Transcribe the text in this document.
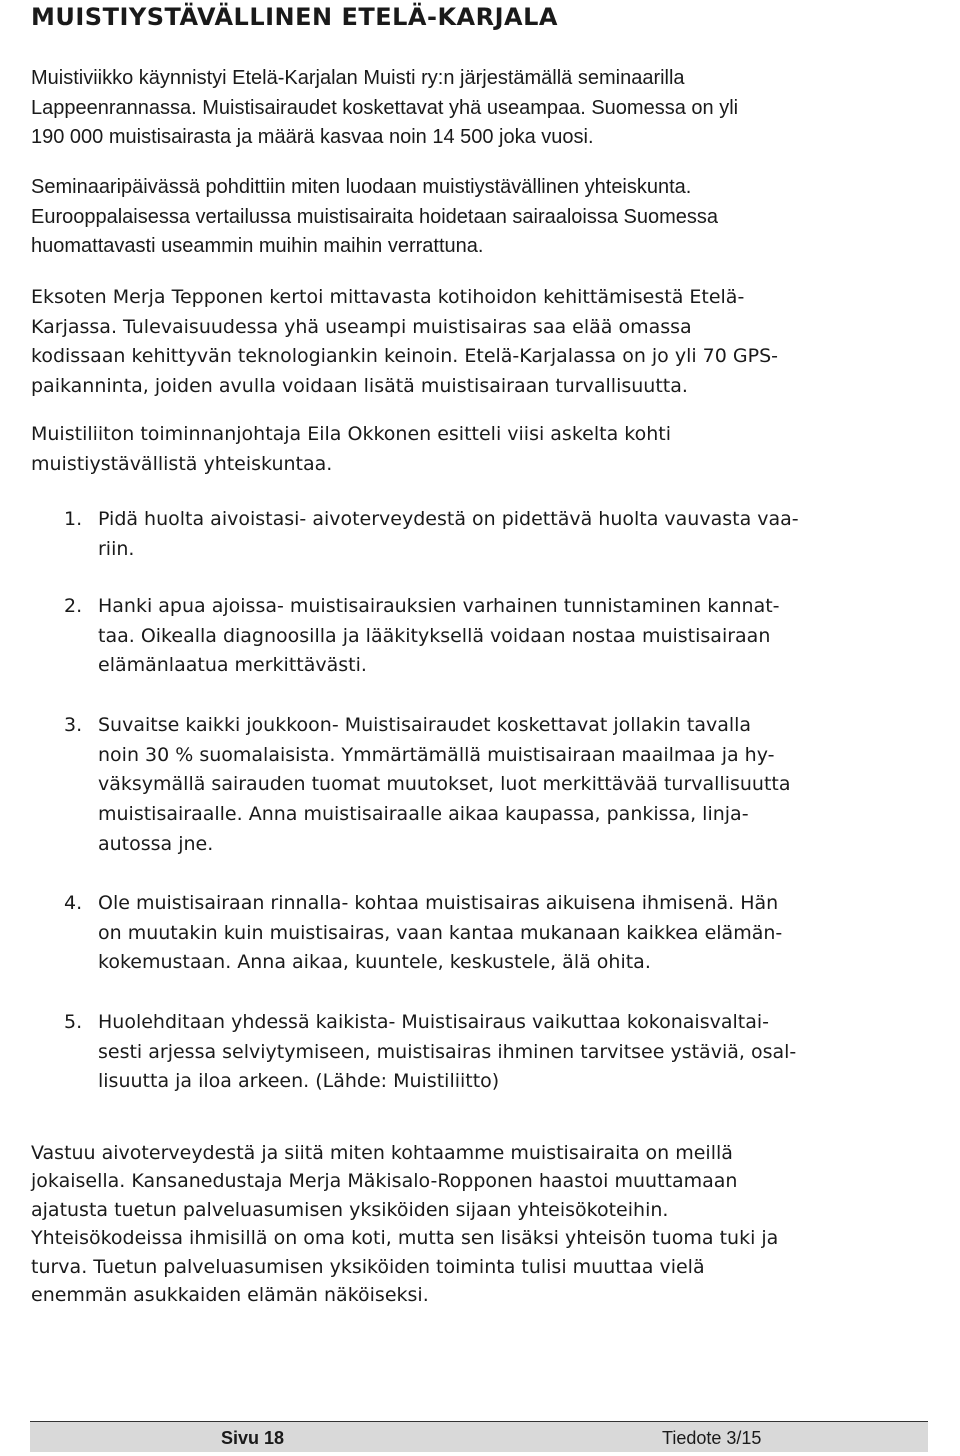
MUISTIYSTÄVÄLLINEN ETELÄ-KARJALA

Muistiviikko käynnistyi Etelä-Karjalan Muisti ry:n järjestämällä seminaarilla
Lappeenrannassa. Muistisairaudet koskettavat yhä useampaa. Suomessa on yli
190 000 muistisairasta ja määrä kasvaa noin 14 500 joka vuosi.

Seminaaripäivässä pohdittiin miten luodaan muistiystävällinen yhteiskunta.
Eurooppalaisessa vertailussa muistisairaita hoidetaan sairaaloissa Suomessa
huomattavasti useammin muihin maihin verrattuna.

Eksoten Merja Tepponen kertoi mittavasta kotihoidon kehittämisestä Etelä-
Karjassa. Tulevaisuudessa yhä useampi muistisairas saa elää omassa
kodissaan kehittyvän teknologiankin keinoin. Etelä-Karjalassa on jo yli 70 GPS-
paikanninta, joiden avulla voidaan lisätä muistisairaan turvallisuutta.

Muistiliiton toiminnanjohtaja Eila Okkonen esitteli viisi askelta kohti
muistiystävällistä yhteiskuntaa.

1. Pidä huolta aivoistasi- aivoterveydestä on pidettävä huolta vauvasta vaa-
riin.

2. Hanki apua ajoissa- muistisairauksien varhainen tunnistaminen kannat-
taa. Oikealla diagnoosilla ja lääkityksellä voidaan nostaa muistisairaan
elämänlaatua merkittävästi.

3. Suvaitse kaikki joukkoon- Muistisairaudet koskettavat jollakin tavalla
noin 30 % suomalaisista. Ymmärtämällä muistisairaan maailmaa ja hy-
väksymällä sairauden tuomat muutokset, luot merkittävää turvallisuutta
muistisairaalle. Anna muistisairaalle aikaa kaupassa, pankissa, linja-
autossa jne.

4. Ole muistisairaan rinnalla- kohtaa muistisairas aikuisena ihmisenä. Hän
on muutakin kuin muistisairas, vaan kantaa mukanaan kaikkea elämän-
kokemustaan. Anna aikaa, kuuntele, keskustele, älä ohita.

5. Huolehditaan yhdessä kaikista- Muistisairaus vaikuttaa kokonaisvaltai-
sesti arjessa selviytymiseen, muistisairas ihminen tarvitsee ystäviä, osal-
lisuutta ja iloa arkeen. (Lähde: Muistiliitto)

Vastuu aivoterveydestä ja siitä miten kohtaamme muistisairaita on meillä
jokaisella. Kansanedustaja Merja Mäkisalo-Ropponen haastoi muuttamaan
ajatusta tuetun palveluasumisen yksiköiden sijaan yhteisökoteihin.
Yhteisökodeissa ihmisillä on oma koti, mutta sen lisäksi yhteisön tuoma tuki ja
turva. Tuetun palveluasumisen yksiköiden toiminta tulisi muuttaa vielä
enemmän asukkaiden elämän näköiseksi.

Sivu 18	Tiedote 3/15
